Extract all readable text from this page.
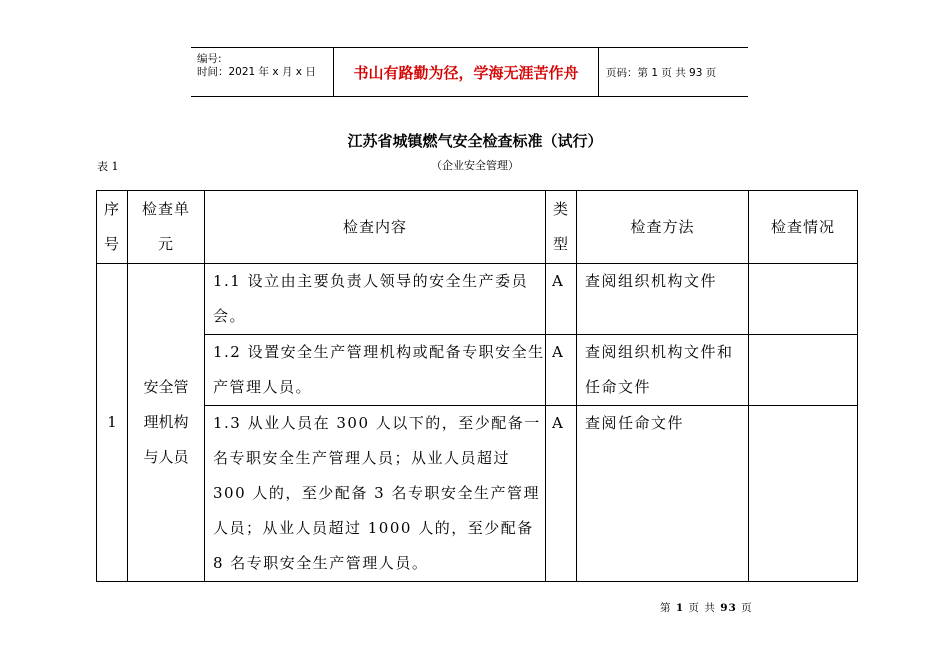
编号:
时间：2021 年 x 月 x 日	书山有路勤为径，学海无涯苦作舟	页码：第 1 页 共 93 页
江苏省城镇燃气安全检查标准（试行）
表 1	（企业安全管理）
序号	检查单元	检查内容	类型	检查方法	检查情况
1	安全管理机构与人员	1.1 设立由主要负责人领导的安全生产委员会。	A	查阅组织机构文件	
		1.2 设置安全生产管理机构或配备专职安全生产管理人员。	A	查阅组织机构文件和任命文件	
		1.3 从业人员在 300 人以下的，至少配备一名专职安全生产管理人员；从业人员超过 300 人的，至少配备 3 名专职安全生产管理人员；从业人员超过 1000 人的，至少配备 8 名专职安全生产管理人员。	A	查阅任命文件	
第 1 页 共 93 页
